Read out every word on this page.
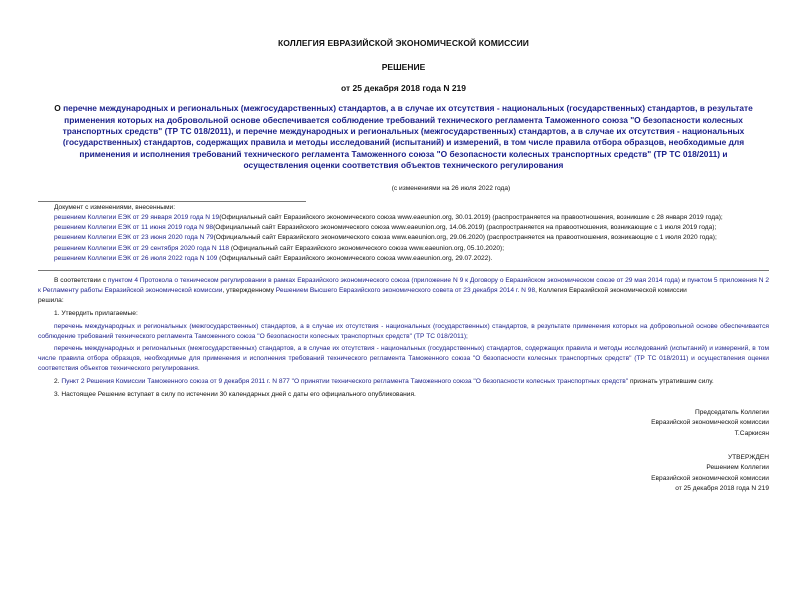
КОЛЛЕГИЯ ЕВРАЗИЙСКОЙ ЭКОНОМИЧЕСКОЙ КОМИССИИ
РЕШЕНИЕ
от 25 декабря 2018 года N 219
О перечне международных и региональных (межгосударственных) стандартов, а в случае их отсутствия - национальных (государственных) стандартов, в результате применения которых на добровольной основе обеспечивается соблюдение требований технического регламента Таможенного союза "О безопасности колесных транспортных средств" (ТР ТС 018/2011), и перечне международных и региональных (межгосударственных) стандартов, а в случае их отсутствия - национальных (государственных) стандартов, содержащих правила и методы исследований (испытаний) и измерений, в том числе правила отбора образцов, необходимые для применения и исполнения требований технического регламента Таможенного союза "О безопасности колесных транспортных средств" (ТР ТС 018/2011) и осуществления оценки соответствия объектов технического регулирования
(с изменениями на 26 июля 2022 года)
Документ с изменениями, внесенными:
решением Коллегии ЕЭК от 29 января 2019 года N 19(Официальный сайт Евразийского экономического союза www.eaeunion.org, 30.01.2019) (распространяется на правоотношения, возникшие с 28 января 2019 года);
решением Коллегии ЕЭК от 11 июня 2019 года N 98(Официальный сайт Евразийского экономического союза www.eaeunion.org, 14.06.2019) (распространяется на правоотношения, возникающие с 1 июля 2019 года);
решением Коллегии ЕЭК от 23 июня 2020 года N 79(Официальный сайт Евразийского экономического союза www.eaeunion.org, 29.06.2020) (распространяется на правоотношения, возникающие с 1 июля 2020 года);
решением Коллегии ЕЭК от 29 сентября 2020 года N 118 (Официальный сайт Евразийского экономического союза www.eaeunion.org, 05.10.2020);
решением Коллегии ЕЭК от 26 июля 2022 года N 109 (Официальный сайт Евразийского экономического союза www.eaeunion.org, 29.07.2022).

В соответствии с пунктом 4 Протокола о техническом регулировании в рамках Евразийского экономического союза (приложение N 9 к Договору о Евразийском экономическом союзе от 29 мая 2014 года) и пунктом 5 приложения N 2 к Регламенту работы Евразийской экономической комиссии, утвержденному Решением Высшего Евразийского экономического совета от 23 декабря 2014 г. N 98, Коллегия Евразийской экономической комиссии

решила:

1. Утвердить прилагаемые:

перечень международных и региональных (межгосударственных) стандартов, а в случае их отсутствия - национальных (государственных) стандартов, в результате применения которых на добровольной основе обеспечивается соблюдение требований технического регламента Таможенного союза "О безопасности колесных транспортных средств" (ТР ТС 018/2011);

перечень международных и региональных (межгосударственных) стандартов, а в случае их отсутствия - национальных (государственных) стандартов, содержащих правила и методы исследований (испытаний) и измерений, в том числе правила отбора образцов, необходимые для применения и исполнения требований технического регламента Таможенного союза "О безопасности колесных транспортных средств" (ТР ТС 018/2011) и осуществления оценки соответствия объектов технического регулирования.

2. Пункт 2 Решения Комиссии Таможенного союза от 9 декабря 2011 г. N 877 "О принятии технического регламента Таможенного союза "О безопасности колесных транспортных средств" признать утратившим силу.

3. Настоящее Решение вступает в силу по истечении 30 календарных дней с даты его официального опубликования.

Председатель Коллегии
Евразийской экономической комиссии
Т.Саркисян
УТВЕРЖДЕН
Решением Коллегии
Евразийской экономической комиссии
от 25 декабря 2018 года N 219
